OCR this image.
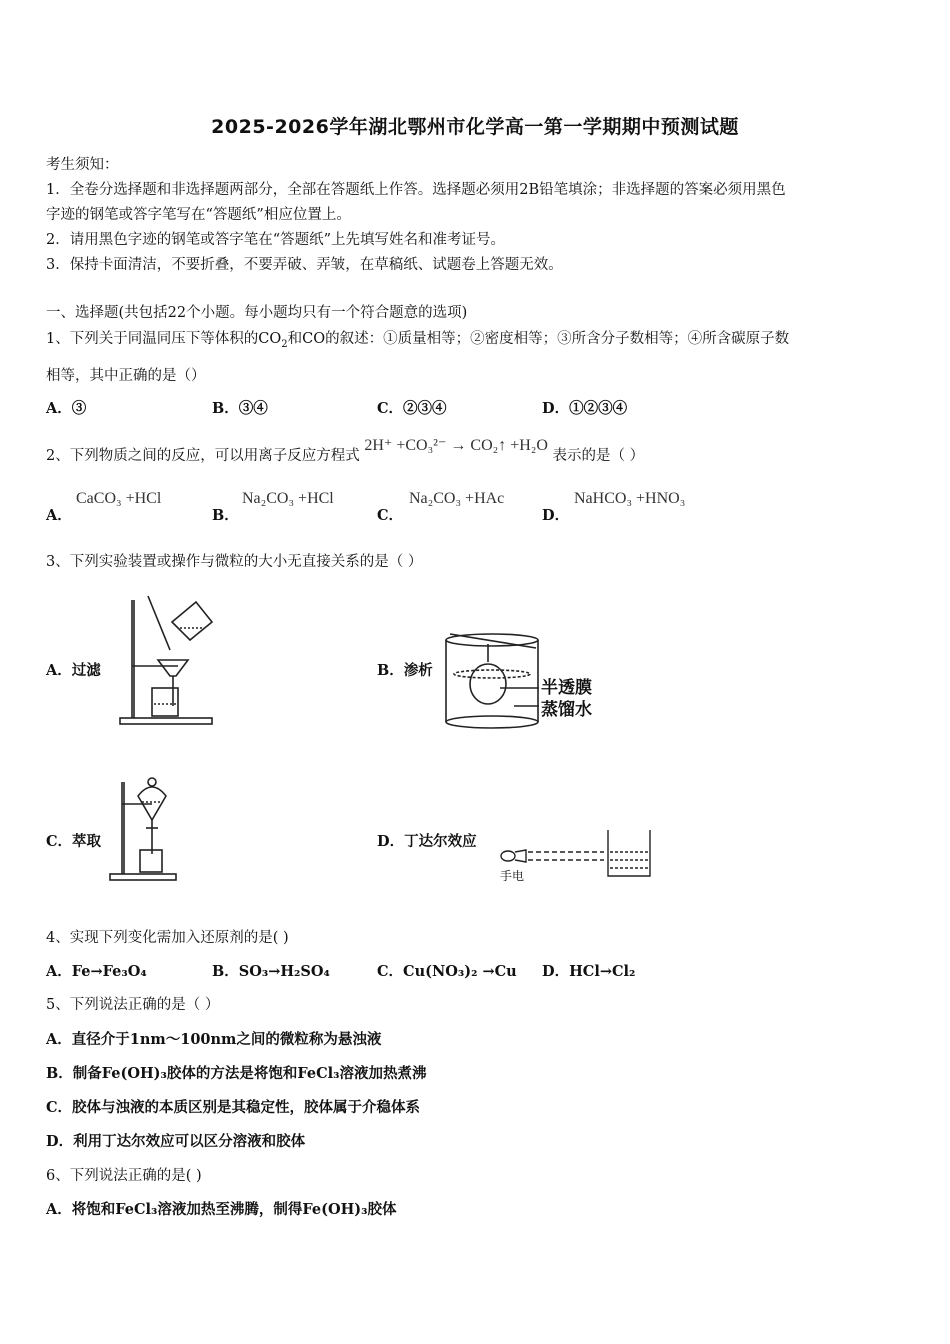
2025-2026学年湖北鄂州市化学高一第一学期期中预测试题
考生须知：
1．全卷分选择题和非选择题两部分，全部在答题纸上作答。选择题必须用2B铅笔填涂；非选择题的答案必须用黑色
字迹的钢笔或答字笔写在“答题纸”相应位置上。
2．请用黑色字迹的钢笔或答字笔在“答题纸”上先填写姓名和准考证号。
3．保持卡面清洁，不要折叠，不要弄破、弄皱，在草稿纸、试题卷上答题无效。
一、选择题(共包括22个小题。每小题均只有一个符合题意的选项)
1、下列关于同温同压下等体积的$CO_2$和CO的叙述：①质量相等；②密度相等；③所含分子数相等；④所含碳原子数
相等，其中正确的是（）
A．③	B．③④	C．②③④	D．①②③④
2、下列物质之间的反应，可以用离子反应方程式 2H⁺ +CO₃²⁻ → CO₂↑ +H₂O 表示的是（ ）
A．
CaCO₃ +HCl
B．
Na₂CO₃ +HCl
C．
Na₂CO₃ +HAc
D．
NaHCO₃ +HNO₃
3、下列实验装置或操作与微粒的大小无直接关系的是（ ）
A．过滤	B．渗析
半透膜
蒸馏水
C．萃取	D．丁达尔效应
手电
4、实现下列变化需加入还原剂的是( )
A．Fe→Fe₃O₄	B．SO₃→H₂SO₄	C．Cu(NO₃)₂ →Cu D．HCl→Cl₂
5、下列说法正确的是（ ）
A．直径介于1nm～100nm之间的微粒称为悬浊液
B．制备Fe(OH)₃胶体的方法是将饱和FeCl₃溶液加热煮沸
C．胶体与浊液的本质区别是其稳定性，胶体属于介稳体系
D．利用丁达尔效应可以区分溶液和胶体
6、下列说法正确的是( )
A．将饱和FeCl₃溶液加热至沸腾，制得Fe(OH)₃胶体
